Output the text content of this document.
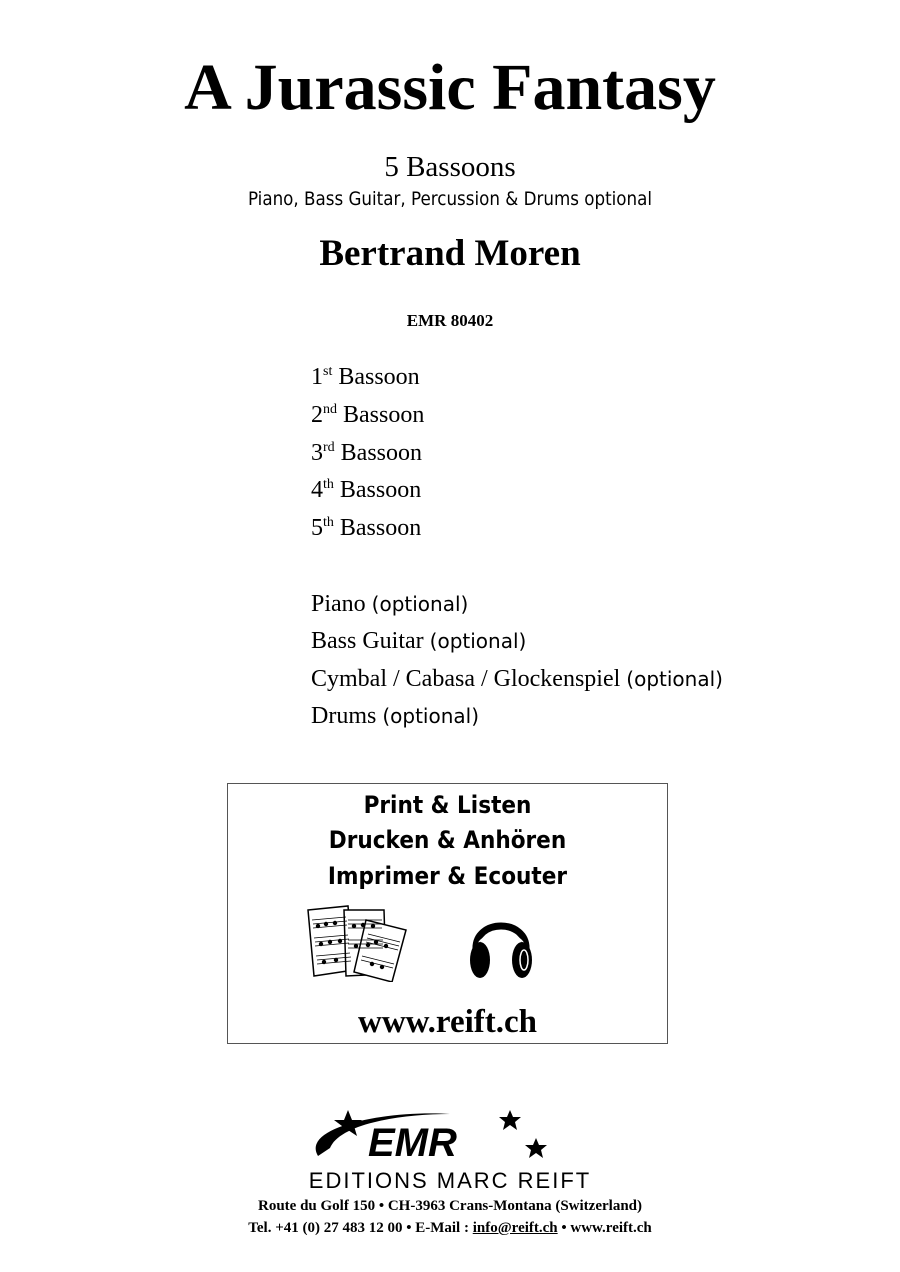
A Jurassic Fantasy
5 Bassoons
Piano, Bass Guitar, Percussion & Drums optional
Bertrand Moren
EMR 80402
1st Bassoon
2nd Bassoon
3rd Bassoon
4th Bassoon
5th Bassoon
Piano (optional)
Bass Guitar (optional)
Cymbal / Cabasa / Glockenspiel (optional)
Drums (optional)
Print & Listen
Drucken & Anhören
Imprimer & Ecouter
www.reift.ch
EMR
EDITIONS MARC REIFT
Route du Golf 150 • CH-3963 Crans-Montana (Switzerland)
Tel. +41 (0) 27 483 12 00 • E-Mail : info@reift.ch • www.reift.ch
